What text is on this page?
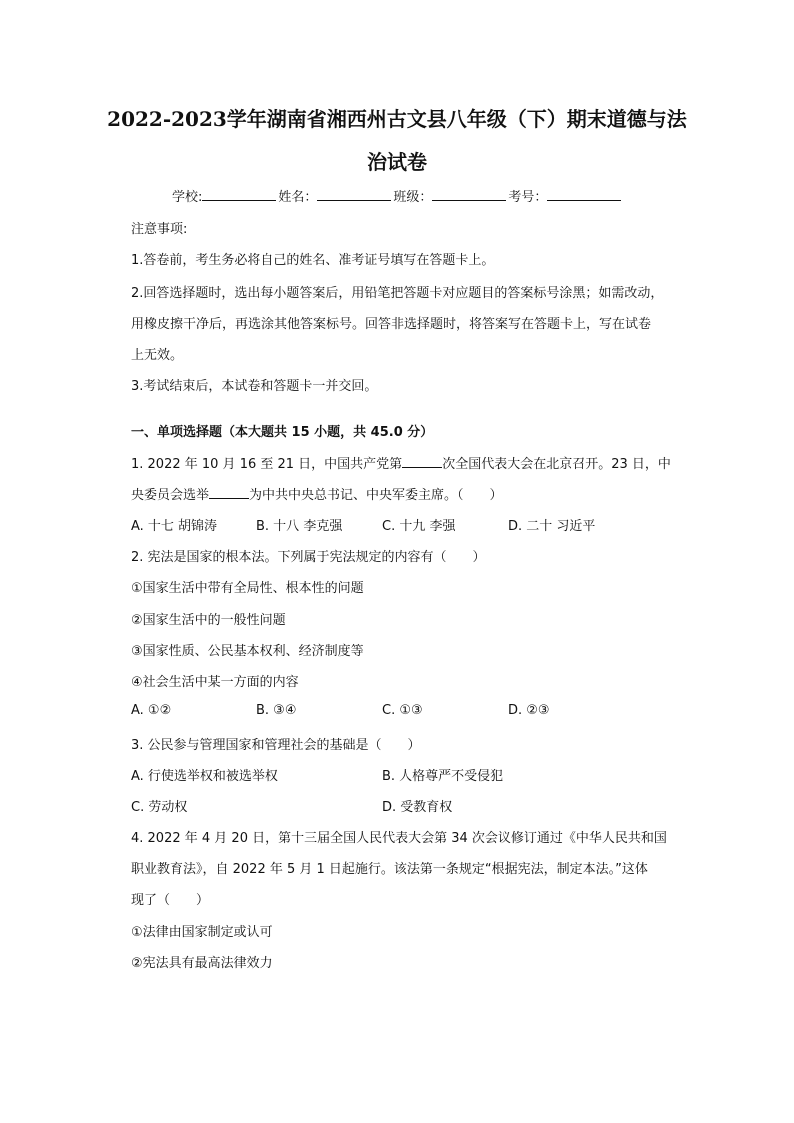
2022-2023学年湖南省湘西州古文县八年级（下）期末道德与法
治试卷
学校:	姓名：	班级：	考号：
注意事项:
1.答卷前，考生务必将自己的姓名、准考证号填写在答题卡上。
2.回答选择题时，选出每小题答案后，用铅笔把答题卡对应题目的答案标号涂黑；如需改动，
用橡皮擦干净后，再选涂其他答案标号。回答非选择题时，将答案写在答题卡上，写在试卷
上无效。
3.考试结束后，本试卷和答题卡一并交回。
一、单项选择题（本大题共 15 小题，共 45.0 分）
1. 2022 年 10 月 16 至 21 日，中国共产党第	次全国代表大会在北京召开。23 日，中
央委员会选举	为中共中央总书记、中央军委主席。（　　）
A. 十七 胡锦涛	B. 十八 李克强	C. 十九 李强	D. 二十 习近平
2. 宪法是国家的根本法。下列属于宪法规定的内容有（　　）
①国家生活中带有全局性、根本性的问题
②国家生活中的一般性问题
③国家性质、公民基本权利、经济制度等
④社会生活中某一方面的内容
A. ①②	B. ③④	C. ①③	D. ②③
3. 公民参与管理国家和管理社会的基础是（　　）
A. 行使选举权和被选举权	B. 人格尊严不受侵犯
C. 劳动权	D. 受教育权
4. 2022 年 4 月 20 日，第十三届全国人民代表大会第 34 次会议修订通过《中华人民共和国
职业教育法》，自 2022 年 5 月 1 日起施行。该法第一条规定“根据宪法，制定本法。”这体
现了（　　）
①法律由国家制定或认可
②宪法具有最高法律效力
